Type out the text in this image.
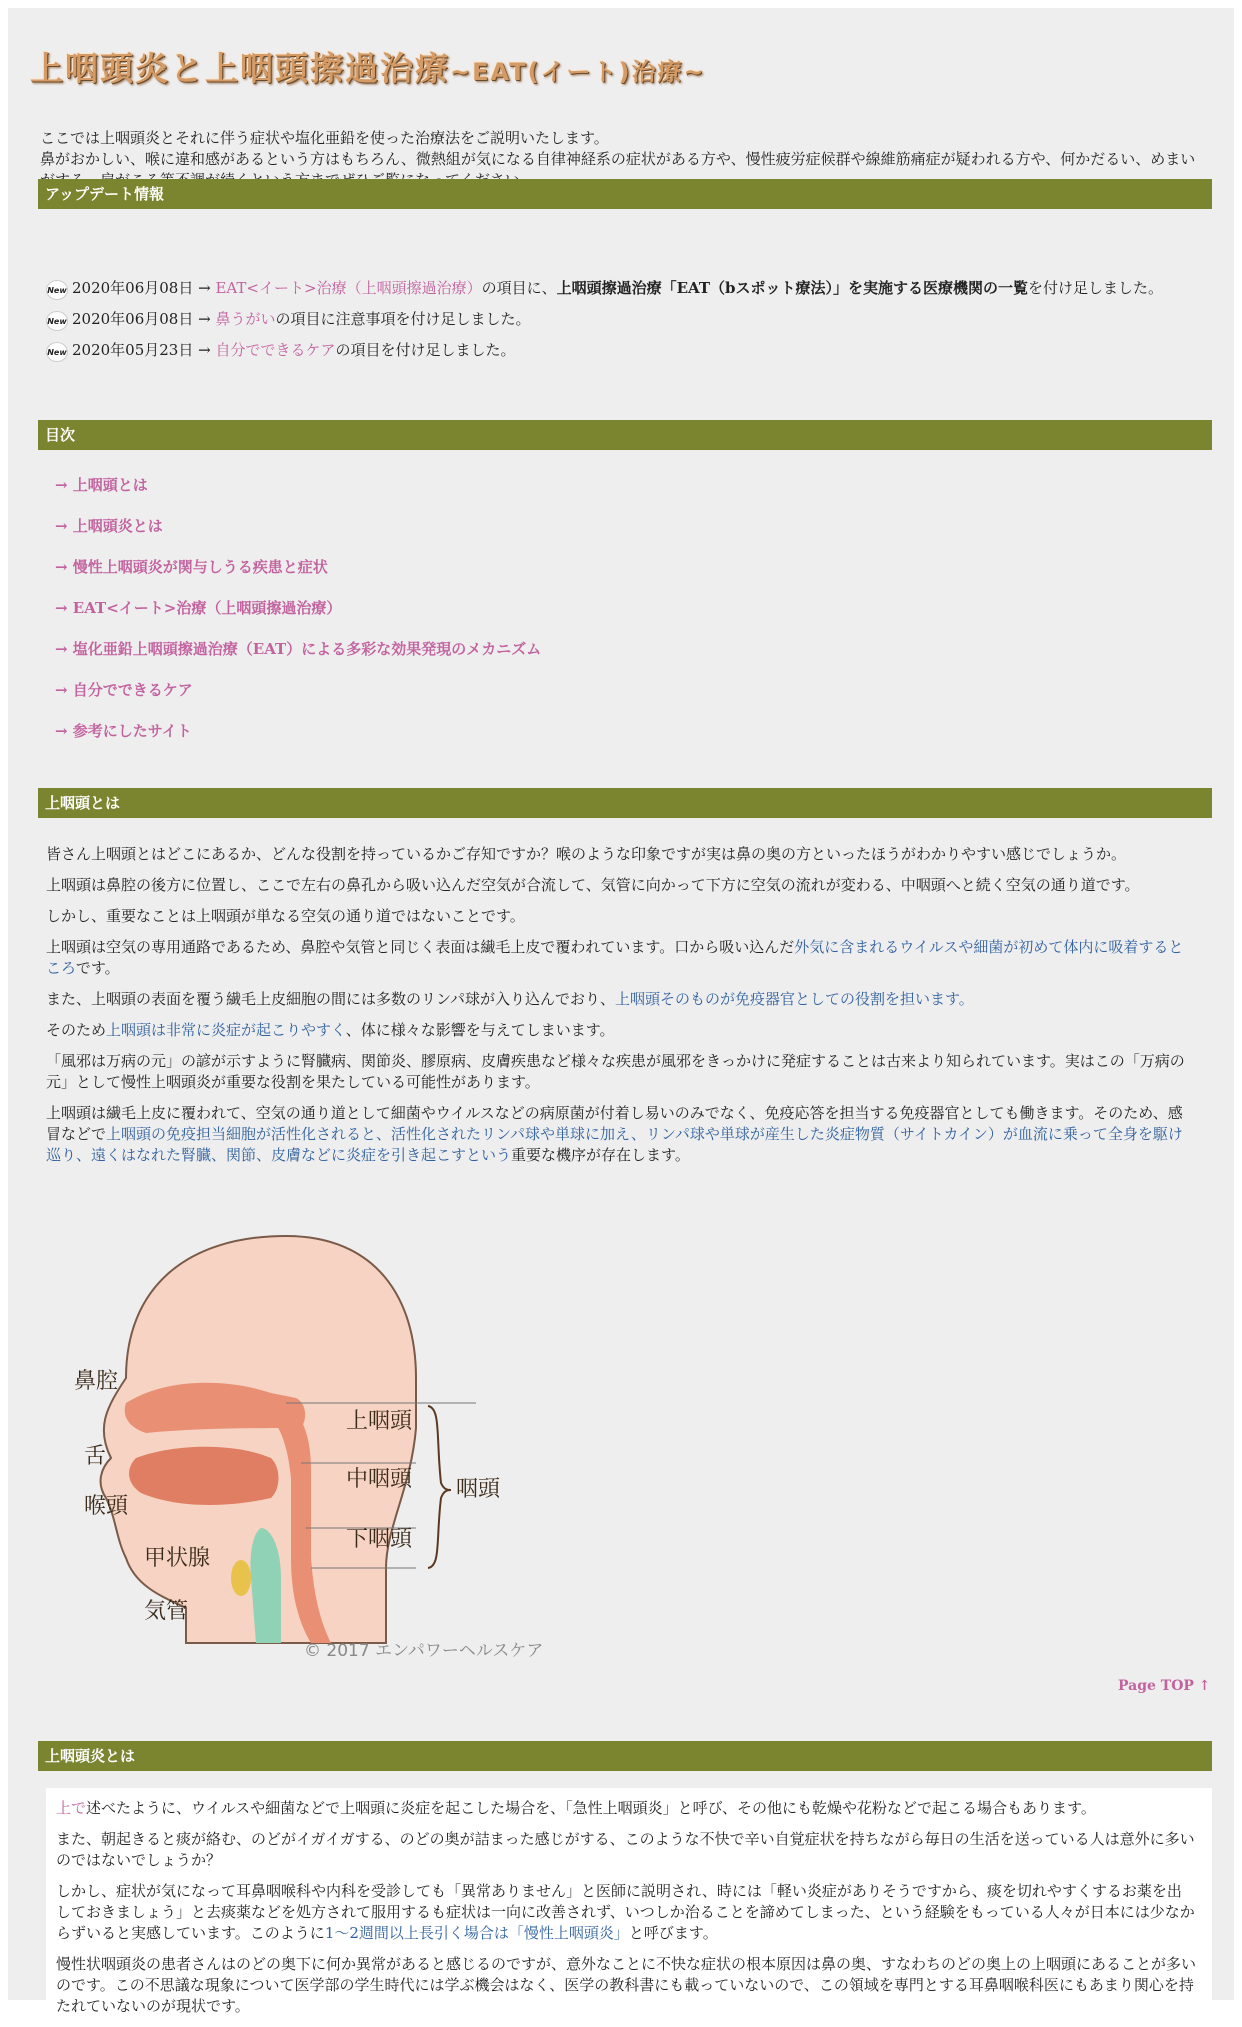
上咽頭炎と上咽頭擦過治療~EAT(イート)治療~

ここでは上咽頭炎とそれに伴う症状や塩化亜鉛を使った治療法をご説明いたします。

鼻がおかしい、喉に違和感があるという方はもちろん、微熱組が気になる自律神経系の症状がある方や、慢性疲労症候群や線維筋痛症が疑われる方や、何かだるい、めまい

アップデート情報
New 2020年06月08日 → EAT<イート>治療（上咽頭擦過治療）の項目に、上咽頭擦過治療「EAT（bスポット療法）」を実施する医療機関の一覧を付け足しました。
New 2020年06月08日 → 鼻うがいの項目に注意事項を付け足しました。
New 2020年05月23日 → 自分でできるケアの項目を付け足しました。
目次
→ 上咽頭とは
→ 上咽頭炎とは
→ 慢性上咽頭炎が関与しうる疾患と症状
→ EAT<イート>治療（上咽頭擦過治療）
→ 塩化亜鉛上咽頭擦過治療（EAT）による多彩な効果発現のメカニズム
→ 自分でできるケア
→ 参考にしたサイト
上咽頭とは

皆さん上咽頭とはどこにあるか、どんな役割を持っているかご存知ですか？喉のような印象ですが実は鼻の奥の方といったほうがわかりやすい感じでしょうか。

上咽頭は鼻腔の後方に位置し、ここで左右の鼻孔から吸い込んだ空気が合流して、気管に向かって下方に空気の流れが変わる、中咽頭へと続く空気の通り道です。

しかし、重要なことは上咽頭が単なる空気の通り道ではないことです。

上咽頭は空気の専用通路であるため、鼻腔や気管と同じく表面は繊毛上皮で覆われています。口から吸い込んだ外気に含まれるウイルスや細菌が初めて体内に吸着するところです。

また、上咽頭の表面を覆う繊毛上皮細胞の間には多数のリンパ球が入り込んでおり、上咽頭そのものが免疫器官としての役割を担います。

そのため上咽頭は非常に炎症が起こりやすく、体に様々な影響を与えてしまいます。

「風邪は万病の元」の諺が示すように腎臓病、関節炎、膠原病、皮膚疾患など様々な疾患が風邪をきっかけに発症することは古来より知られています。実はこの「万病の元」として慢性上咽頭炎が重要な役割を果たしている可能性があります。

上咽頭は繊毛上皮に覆われて、空気の通り道として細菌やウイルスなどの病原菌が付着し易いのみでなく、免疫応答を担当する免疫器官としても働きます。そのため、感冒などで上咽頭の免疫担当細胞が活性化されると、活性化されたリンパ球や単球に加え、リンパ球や単球が産生した炎症物質（サイトカイン）が血流に乗って全身を駆け巡り、遠くはなれた腎臓、関節、皮膚などに炎症を引き起こすという重要な機序が存在します。

鼻腔
舌
喉頭
甲状腺
気管
上咽頭
中咽頭
下咽頭
咽頭
© 2017 エンパワーヘルスケア
Page TOP ↑
上咽頭炎とは

上で述べたように、ウイルスや細菌などで上咽頭に炎症を起こした場合を、「急性上咽頭炎」と呼び、その他にも乾燥や花粉などで起こる場合もあります。

また、朝起きると痰が絡む、のどがイガイガする、のどの奥が詰まった感じがする、このような不快で辛い自覚症状を持ちながら毎日の生活を送っている人は意外に多いのではないでしょうか？

しかし、症状が気になって耳鼻咽喉科や内科を受診しても「異常ありません」と医師に説明され、時には「軽い炎症がありそうですから、痰を切れやすくするお薬を出しておきましょう」と去痰薬などを処方されて服用するも症状は一向に改善されず、いつしか治ることを諦めてしまった、という経験をもっている人々が日本には少なからずいると実感しています。このように1～2週間以上長引く場合は「慢性上咽頭炎」と呼びます。

慢性状咽頭炎の患者さんはのどの奥下に何か異常があると感じるのですが、意外なことに不快な症状の根本原因は鼻の奥、すなわちのどの奥上の上咽頭にあることが多いのです。この不思議な現象について医学部の学生時代には学ぶ機会はなく、医学の教科書にも載っていないので、この領域を専門とする耳鼻咽喉科医にもあまり関心を持たれていないのが現状です。
